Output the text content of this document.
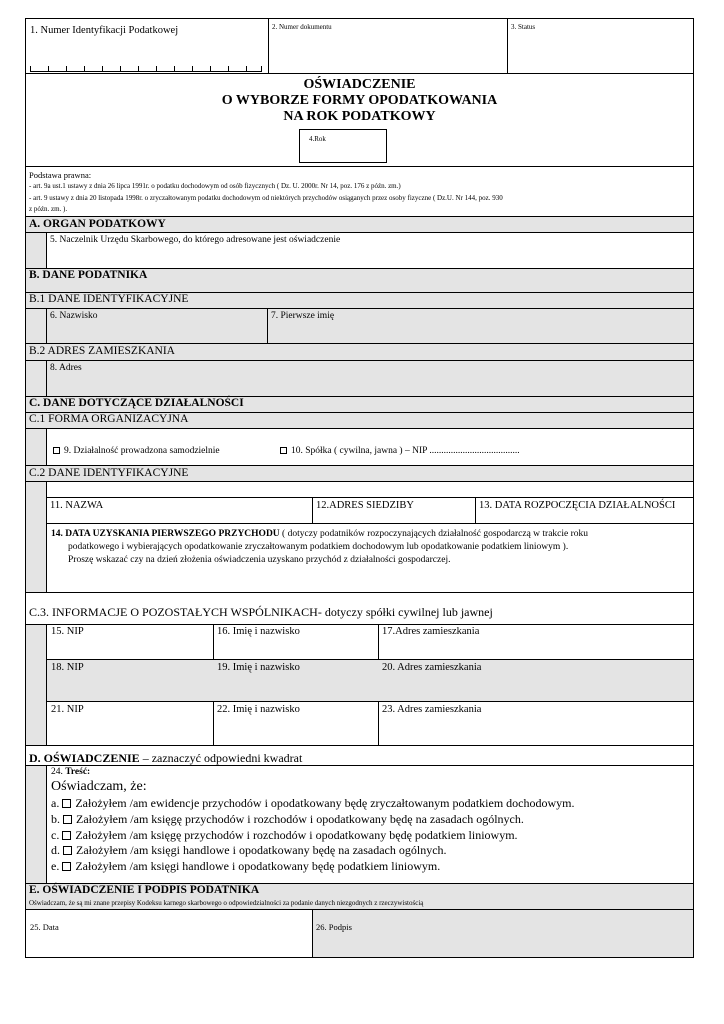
1. Numer Identyfikacji Podatkowej	2. Numer dokumentu	3. Status
OŚWIADCZENIE
O WYBORZE FORMY OPODATKOWANIA
NA ROK PODATKOWY
4.Rok
Podstawa prawna:
- art. 9a ust.1 ustawy z dnia 26 lipca 1991r. o podatku dochodowym od osób fizycznych ( Dz. U. 2000r. Nr 14, poz. 176 z późn. zm.)
- art. 9 ustawy z dnia 20 listopada 1998r. o zryczałtowanym podatku dochodowym od niektórych przychodów osiąganych przez osoby fizyczne ( Dz.U. Nr 144, poz. 930
z późn. zm. ).
A. ORGAN PODATKOWY
5. Naczelnik Urzędu Skarbowego, do którego adresowane jest oświadczenie
B. DANE PODATNIKA
B.1 DANE IDENTYFIKACYJNE
6. Nazwisko	7. Pierwsze imię
B.2 ADRES ZAMIESZKANIA
8. Adres
C. DANE DOTYCZĄCE DZIAŁALNOŚCI
C.1 FORMA ORGANIZACYJNA
9. Działalność prowadzona samodzielnie	10. Spółka ( cywilna, jawna ) – NIP ......................................
C.2 DANE IDENTYFIKACYJNE
11. NAZWA	12.ADRES SIEDZIBY	13. DATA ROZPOCZĘCIA DZIAŁALNOŚCI
14. DATA UZYSKANIA PIERWSZEGO PRZYCHODU ( dotyczy podatników rozpoczynających działalność gospodarczą w trakcie roku
podatkowego i wybierających opodatkowanie zryczałtowanym podatkiem dochodowym lub opodatkowanie podatkiem liniowym ).
Proszę wskazać czy na dzień złożenia oświadczenia uzyskano przychód z działalności gospodarczej.
C.3. INFORMACJE O POZOSTAŁYCH WSPÓLNIKACH- dotyczy spółki cywilnej lub jawnej
15. NIP	16. Imię i nazwisko	17.Adres zamieszkania
18. NIP	19. Imię i nazwisko	20. Adres zamieszkania
21. NIP	22. Imię i nazwisko	23. Adres zamieszkania
D. OŚWIADCZENIE – zaznaczyć odpowiedni kwadrat
24. Treść:
Oświadczam, że:
a. Założyłem /am ewidencje przychodów i opodatkowany będę zryczałtowanym podatkiem dochodowym.
b. Założyłem /am księgę przychodów i rozchodów i opodatkowany będę na zasadach ogólnych.
c. Założyłem /am księgę przychodów i rozchodów i opodatkowany będę podatkiem liniowym.
d. Założyłem /am księgi handlowe i opodatkowany będę na zasadach ogólnych.
e. Założyłem /am księgi handlowe i opodatkowany będę podatkiem liniowym.
E. OŚWIADCZENIE I PODPIS PODATNIKA
Oświadczam, że są mi znane przepisy Kodeksu karnego skarbowego o odpowiedzialności za podanie danych niezgodnych z rzeczywistością
25. Data	26. Podpis
